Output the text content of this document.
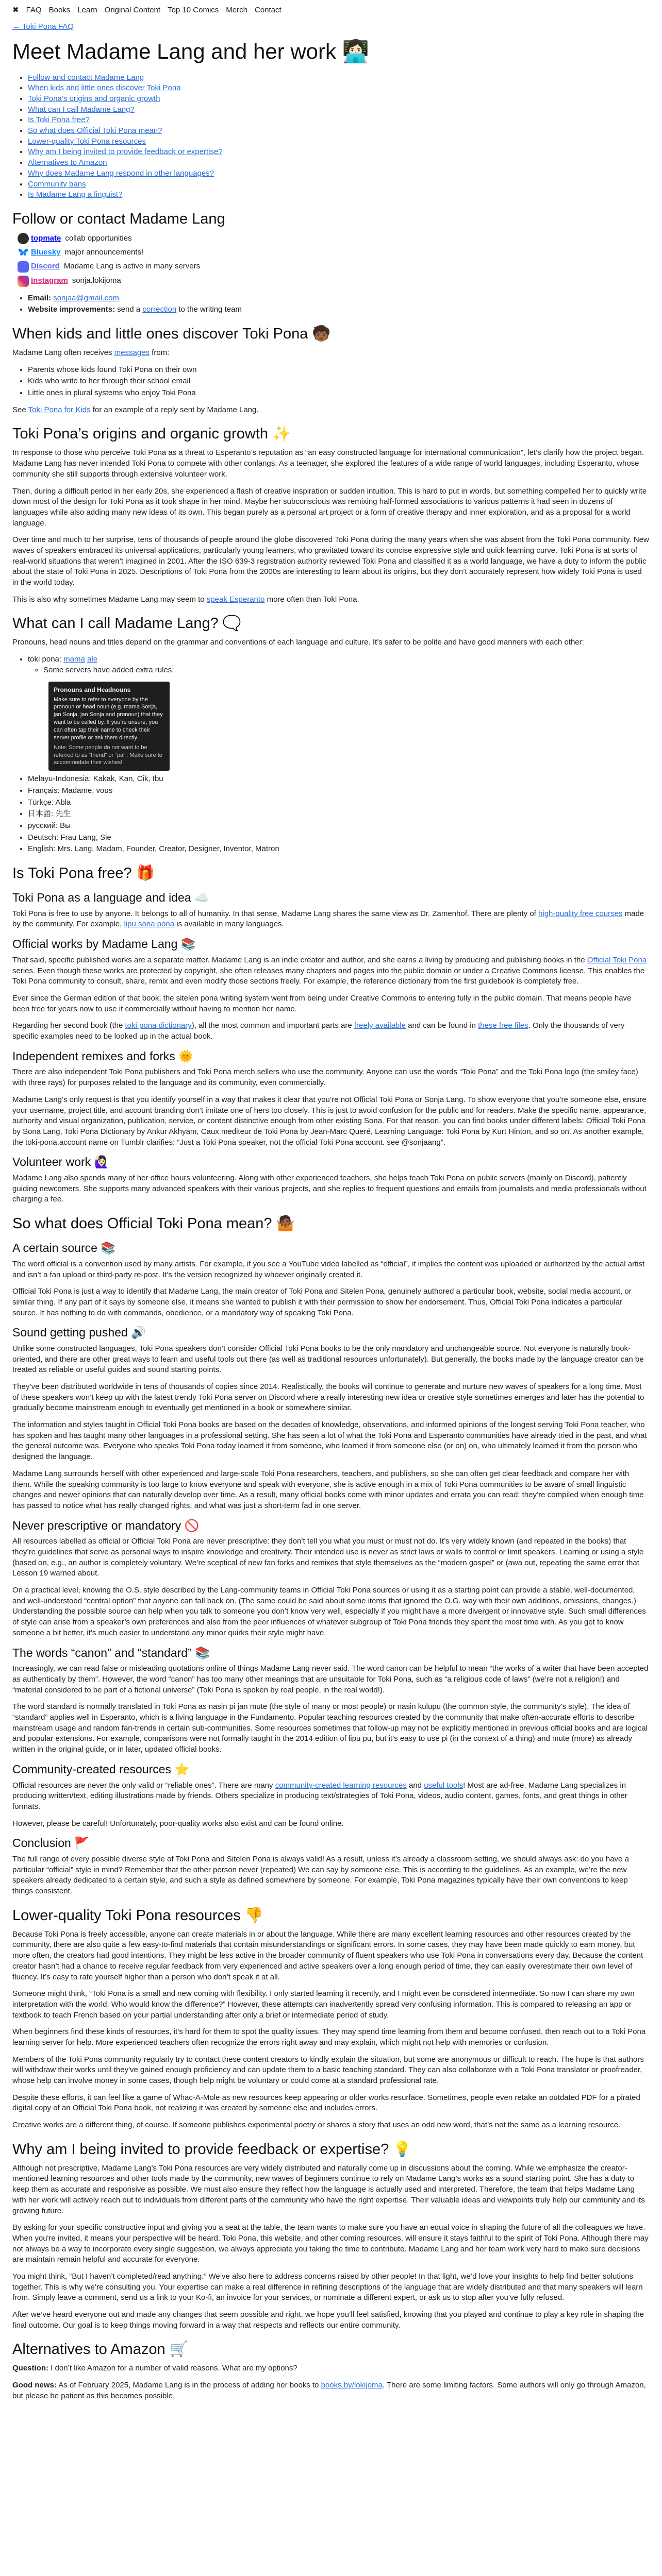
✖ FAQ Books Learn Original Content Top 10 Comics Merch Contact
← Toki Pona FAQ
Meet Madame Lang and her work 👩🏻‍💻
• Follow and contact Madame Lang
• When kids and little ones discover Toki Pona
• Toki Pona’s origins and organic growth
• What can I call Madame Lang?
• Is Toki Pona free?
• So what does Official Toki Pona mean?
• Lower-quality Toki Pona resources
• Why am I being invited to provide feedback or expertise?
• Alternatives to Amazon
• Why does Madame Lang respond in other languages?
• Community bans
• Is Madame Lang a linguist?
Follow or contact Madame Lang
topmate collab opportunities
Bluesky major announcements!
Discord Madame Lang is active in many servers
Instagram sonja.lokijoma
• Email: sonjaa@gmail.com
• Website improvements: send a correction to the writing team
When kids and little ones discover Toki Pona 🧒🏾

Madame Lang often receives messages from:

• Parents whose kids found Toki Pona on their own
• Kids who write to her through their school email
• Little ones in plural systems who enjoy Toki Pona

See Toki Pona for Kids for an example of a reply sent by Madame Lang.

Toki Pona’s origins and organic growth ✨

In response to those who perceive Toki Pona as a threat to Esperanto’s reputation as “an easy constructed language for international communication”, let’s clarify how the project began. Madame Lang has never intended Toki Pona to compete with other conlangs. As a teenager, she explored the features of a wide range of world languages, including Esperanto, whose community she still supports through extensive volunteer work.

Then, during a difficult period in her early 20s, she experienced a flash of creative inspiration or sudden intuition. This is hard to put in words, but something compelled her to quickly write down most of the design for Toki Pona as it took shape in her mind. Maybe her subconscious was remixing half-formed associations to various patterns it had seen in dozens of languages while also adding many new ideas of its own. This began purely as a personal art project or a form of creative therapy and inner exploration, and as a proposal for a world language.

Over time and much to her surprise, tens of thousands of people around the globe discovered Toki Pona during the many years when she was absent from the Toki Pona community. New waves of speakers embraced its universal applications, particularly young learners, who gravitated toward its concise expressive style and quick learning curve. Toki Pona is at sorts of real-world situations that weren’t imagined in 2001. After the ISO 639-3 registration authority reviewed Toki Pona and classified it as a world language, we have a duty to inform the public about the state of Toki Pona in 2025. Descriptions of Toki Pona from the 2000s are interesting to learn about its origins, but they don’t accurately represent how widely Toki Pona is used in the world today.

This is also why sometimes Madame Lang may seem to speak Esperanto more often than Toki Pona.

What can I call Madame Lang? 🗨️

Pronouns, head nouns and titles depend on the grammar and conventions of each language and culture. It’s safer to be polite and have good manners with each other:

• toki pona: mama ale
◦ Some servers have added extra rules:
Pronouns and Headnouns
Make sure to refer to everyone by the pronoun or head noun (e.g. mama Sonja, jan Sonja, jan Sonja and pronoun) that they want to be called by. If you’re unsure, you can often tap their name to check their server profile or ask them directly.
Note: Some people do not want to be referred to as “friend” or “pal”. Make sure to accommodate their wishes!
• Melayu-Indonesia: Kakak, Kan, Cik, Ibu
• Français: Madame, vous
• Türkçe: Abla
• 日本語: 先生
• русский: Вы
• Deutsch: Frau Lang, Sie
• English: Mrs. Lang, Madam, Founder, Creator, Designer, Inventor, Matron
Is Toki Pona free? 🎁
Toki Pona as a language and idea ☁️

Toki Pona is free to use by anyone. It belongs to all of humanity. In that sense, Madame Lang shares the same view as Dr. Zamenhof. There are plenty of high-quality free courses made by the community. For example, lipu sona pona is available in many languages.

Official works by Madame Lang 📚

That said, specific published works are a separate matter. Madame Lang is an indie creator and author, and she earns a living by producing and publishing books in the Official Toki Pona series. Even though these works are protected by copyright, she often releases many chapters and pages into the public domain or under a Creative Commons license. This enables the Toki Pona community to consult, share, remix and even modify those sections freely. For example, the reference dictionary from the first guidebook is completely free.

Ever since the German edition of that book, the sitelen pona writing system went from being under Creative Commons to entering fully in the public domain. That means people have been free for years now to use it commercially without having to mention her name.

Regarding her second book (the toki pona dictionary), all the most common and important parts are freely available and can be found in these free files. Only the thousands of very specific examples need to be looked up in the actual book.

Independent remixes and forks 🌞

There are also independent Toki Pona publishers and Toki Pona merch sellers who use the community. Anyone can use the words “Toki Pona” and the Toki Pona logo (the smiley face) with three rays) for purposes related to the language and its community, even commercially.

Madame Lang’s only request is that you identify yourself in a way that makes it clear that you’re not Official Toki Pona or Sonja Lang. To show everyone that you’re someone else, ensure your username, project title, and account branding don’t imitate one of hers too closely. This is just to avoid confusion for the public and for readers. Make the specific name, appearance, authority and visual organization, publication, service, or content distinctive enough from other existing Sona. For that reason, you can find books under different labels: Official Toki Pona by Sona Lang, Toki Pona Dictionary by Ankur Akhyam, Caux mediteur de Toki Pona by Jean-Marc Queré, Learning Language: Toki Pona by Kurt Hinton, and so on. As another example, the toki-pona.account name on Tumblr clarifies: “Just a Toki Pona speaker, not the official Toki Pona account. see @sonjaang”.

Volunteer work 🙋🏻‍♀️

Madame Lang also spends many of her office hours volunteering. Along with other experienced teachers, she helps teach Toki Pona on public servers (mainly on Discord), patiently guiding newcomers. She supports many advanced speakers with their various projects, and she replies to frequent questions and emails from journalists and media professionals without charging a fee.

So what does Official Toki Pona mean? 🤷🏾
A certain source 📚

The word official is a convention used by many artists. For example, if you see a YouTube video labelled as “official”, it implies the content was uploaded or authorized by the actual artist and isn’t a fan upload or third-party re-post. It’s the version recognized by whoever originally created it.

Official Toki Pona is just a way to identify that Madame Lang, the main creator of Toki Pona and Sitelen Pona, genuinely authored a particular book, website, social media account, or similar thing. If any part of it says by someone else, it means she wanted to publish it with their permission to show her endorsement. Thus, Official Toki Pona indicates a particular source. It has nothing to do with commands, obedience, or a mandatory way of speaking Toki Pona.

Sound getting pushed 🔊

Unlike some constructed languages, Toki Pona speakers don’t consider Official Toki Pona books to be the only mandatory and unchangeable source. Not everyone is naturally book-oriented, and there are other great ways to learn and useful tools out there (as well as traditional resources unfortunately). But generally, the books made by the language creator can be treated as reliable or useful guides and sound starting points.

They’ve been distributed worldwide in tens of thousands of copies since 2014. Realistically, the books will continue to generate and nurture new waves of speakers for a long time. Most of these speakers won’t keep up with the latest trendy Toki Pona server on Discord where a really interesting new idea or creative style sometimes emerges and later has the potential to gradually become mainstream enough to eventually get mentioned in a book or somewhere similar.

The information and styles taught in Official Toki Pona books are based on the decades of knowledge, observations, and informed opinions of the longest serving Toki Pona teacher, who has spoken and has taught many other languages in a professional setting. She has seen a lot of what the Toki Pona and Esperanto communities have already tried in the past, and what the general outcome was. Everyone who speaks Toki Pona today learned it from someone, who learned it from someone else (or on) on, who ultimately learned it from the person who designed the language.

Madame Lang surrounds herself with other experienced and large-scale Toki Pona researchers, teachers, and publishers, so she can often get clear feedback and compare her with them. While the speaking community is too large to know everyone and speak with everyone, she is active enough in a mix of Toki Pona communities to be aware of small linguistic changes and newer opinions that can naturally develop over time. As a result, many official books come with minor updates and errata you can read: they’re compiled when enough time has passed to notice what has really changed rights, and what was just a short-term fad in one server.

Never prescriptive or mandatory 🚫

All resources labelled as official or Official Toki Pona are never prescriptive: they don’t tell you what you must or must not do. It’s very widely known (and repeated in the books) that they’re guidelines that serve as personal ways to inspire knowledge and creativity. Their intended use is never as strict laws or walls to control or limit speakers. Learning or using a style (based on, e.g., an author is completely voluntary. We’re sceptical of new fan forks and remixes that style themselves as the “modern gospel” or (awa out, repeating the same error that Lesson 19 warned about.

On a practical level, knowing the O.S. style described by the Lang-community teams in Official Toki Pona sources or using it as a starting point can provide a stable, well-documented, and well-understood “central option” that anyone can fall back on. (The same could be said about some items that ignored the O.G. way with their own additions, omissions, changes.) Understanding the possible source can help when you talk to someone you don’t know very well, especially if you might have a more divergent or innovative style. Such small differences of style can arise from a speaker’s own preferences and also from the peer influences of whatever subgroup of Toki Pona friends they spent the most time with. As you get to know someone a bit better, it’s much easier to understand any minor quirks their style might have.

The words “canon” and “standard” 📚

Increasingly, we can read false or misleading quotations online of things Madame Lang never said. The word canon can be helpful to mean “the works of a writer that have been accepted as authentically by them”. However, the word “canon” has too many other meanings that are unsuitable for Toki Pona, such as “a religious code of laws” (we’re not a religion!) and “material considered to be part of a fictional universe” (Toki Pona is spoken by real people, in the real world!).

The word standard is normally translated in Toki Pona as nasin pi jan mute (the style of many or most people) or nasin kulupu (the common style, the community’s style). The idea of “standard” applies well in Esperanto, which is a living language in the Fundamento. Popular teaching resources created by the community that make often-accurate efforts to describe mainstream usage and random fan-trends in certain sub-communities. Some resources sometimes that follow-up may not be explicitly mentioned in previous official books and are logical and popular extensions. For example, comparisons were not formally taught in the 2014 edition of lipu pu, but it’s easy to use pi (in the context of a thing) and mute (more) as already written in the original guide, or in later, updated official books.

Community-created resources ⭐

Official resources are never the only valid or “reliable ones”. There are many community-created learning resources and useful tools! Most are ad-free. Madame Lang specializes in producing written/text, editing illustrations made by friends. Others specialize in producing text/strategies of Toki Pona, videos, audio content, games, fonts, and great things in other formats.

However, please be careful! Unfortunately, poor-quality works also exist and can be found online.

Conclusion 🚩

The full range of every possible diverse style of Toki Pona and Sitelen Pona is always valid! As a result, unless it’s already a classroom setting, we should always ask: do you have a particular “official” style in mind? Remember that the other person never (repeated) We can say by someone else. This is according to the guidelines. As an example, we’re the new speakers already dedicated to a certain style, and such a style as defined somewhere by someone. For example, Toki Pona magazines typically have their own conventions to keep things consistent.

Lower-quality Toki Pona resources 👎

Because Toki Pona is freely accessible, anyone can create materials in or about the language. While there are many excellent learning resources and other resources created by the community, there are also quite a few easy-to-find materials that contain misunderstandings or significant errors. In some cases, they may have been made quickly to earn money, but more often, the creators had good intentions. They might be less active in the broader community of fluent speakers who use Toki Pona in conversations every day. Because the content creator hasn’t had a chance to receive regular feedback from very experienced and active speakers over a long enough period of time, they can easily overestimate their own level of fluency. It’s easy to rate yourself higher than a person who don’t speak it at all.

Someone might think, “Toki Pona is a small and new coming with flexibility. I only started learning it recently, and I might even be considered intermediate. So now I can share my own interpretation with the world. Who would know the difference?” However, these attempts can inadvertently spread very confusing information. This is compared to releasing an app or textbook to teach French based on your partial understanding after only a brief or intermediate period of study.

When beginners find these kinds of resources, it’s hard for them to spot the quality issues. They may spend time learning from them and become confused, then reach out to a Toki Pona learning server for help. More experienced teachers often recognize the errors right away and may explain, which might not help with memories or confusion.

Members of the Toki Pona community regularly try to contact these content creators to kindly explain the situation, but some are anonymous or difficult to reach. The hope is that authors will withdraw their works until they've gained enough proficiency and can update them to a basic teaching standard. They can also collaborate with a Toki Pona translator or proofreader, whose help can involve money in some cases, though help might be voluntary or could come at a standard professional rate.

Despite these efforts, it can feel like a game of Whac-A-Mole as new resources keep appearing or older works resurface. Sometimes, people even retake an outdated PDF for a pirated digital copy of an Official Toki Pona book, not realizing it was created by someone else and includes errors.

Creative works are a different thing, of course. If someone publishes experimental poetry or shares a story that uses an odd new word, that’s not the same as a learning resource.

Why am I being invited to provide feedback or expertise? 💡

Although not prescriptive, Madame Lang’s Toki Pona resources are very widely distributed and naturally come up in discussions about the coming. While we emphasize the creator-mentioned learning resources and other tools made by the community, new waves of beginners continue to rely on Madame Lang’s works as a sound starting point. She has a duty to keep them as accurate and responsive as possible. We must also ensure they reflect how the language is actually used and interpreted. Therefore, the team that helps Madame Lang with her work will actively reach out to individuals from different parts of the community who have the right expertise. Their valuable ideas and viewpoints truly help our community and its growing future.

By asking for your specific constructive input and giving you a seat at the table, the team wants to make sure you have an equal voice in shaping the future of all the colleagues we have. When you're invited, it means your perspective will be heard. Toki Pona, this website, and other coming resources, will ensure it stays faithful to the spirit of Toki Pona. Although there may not always be a way to incorporate every single suggestion, we always appreciate you taking the time to contribute. Madame Lang and her team work very hard to make sure decisions are maintain remain helpful and accurate for everyone.

You might think, “But I haven’t completed/read anything.” We’ve also here to address concerns raised by other people! In that light, we’d love your insights to help find better solutions together. This is why we’re consulting you. Your expertise can make a real difference in refining descriptions of the language that are widely distributed and that many speakers will learn from. Simply leave a comment, send us a link to your Ko-fi, an invoice for your services, or nominate a different expert, or ask us to stop after you’ve fully refused.

After we’ve heard everyone out and made any changes that seem possible and right, we hope you’ll feel satisfied, knowing that you played and continue to play a key role in shaping the final outcome. Our goal is to keep things moving forward in a way that respects and reflects our entire community.

Alternatives to Amazon 🛒

Question: I don’t like Amazon for a number of valid reasons. What are my options?

Good news: As of February 2025, Madame Lang is in the process of adding her books to books.by/lokijoma. There are some limiting factors. Some authors will only go through Amazon, but please be patient as this becomes possible.
